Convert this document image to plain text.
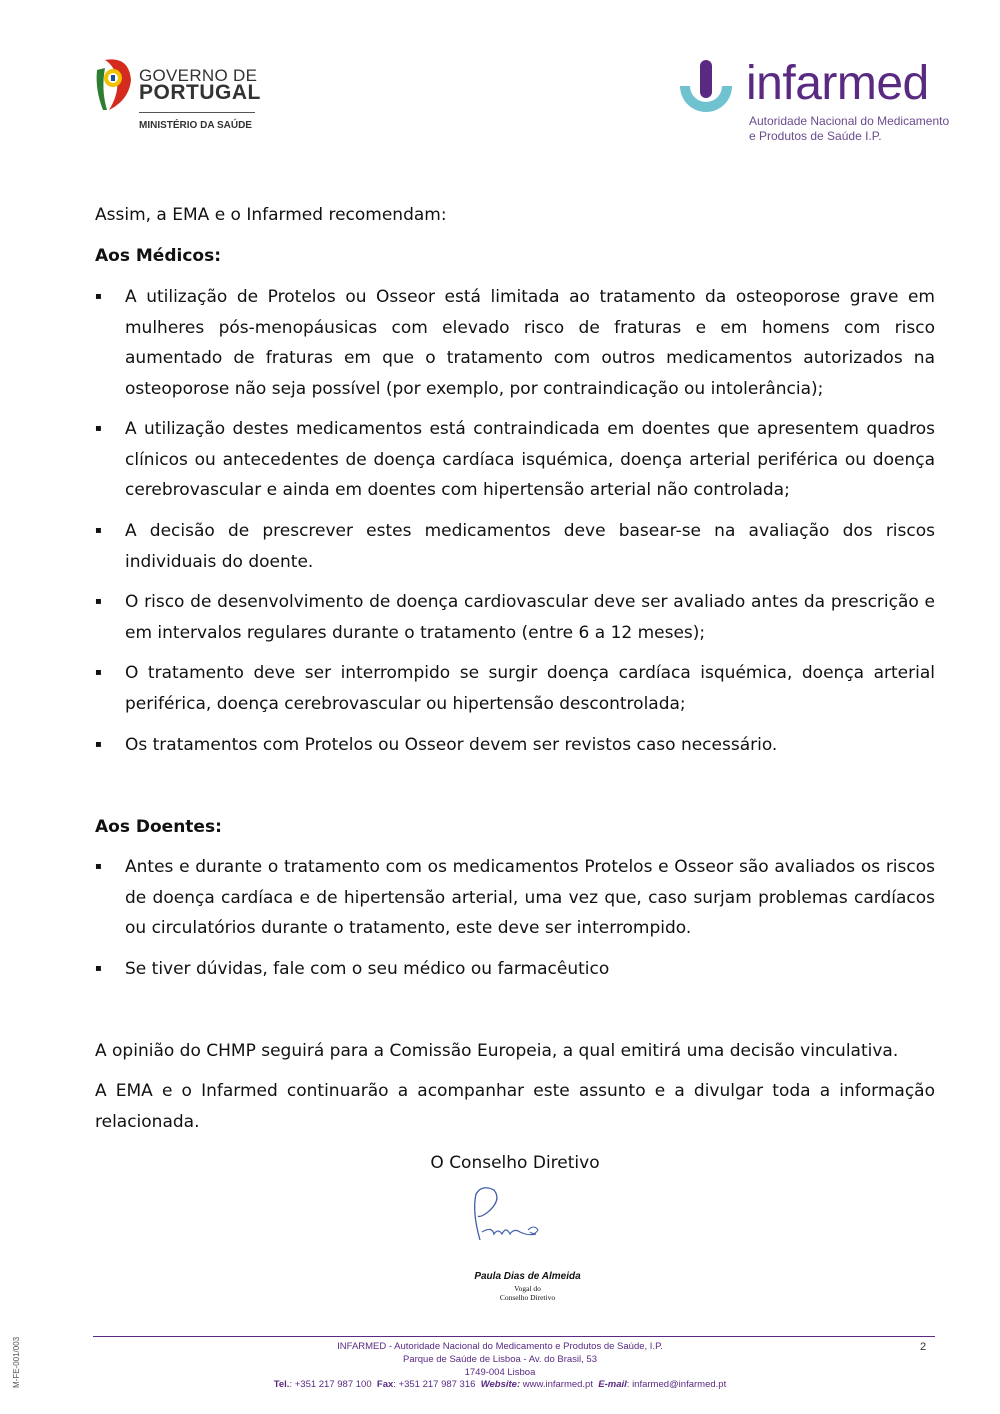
GOVERNO DE
PORTUGAL
MINISTÉRIO DA SAÚDE
infarmed
Autoridade Nacional do Medicamento
e Produtos de Saúde I.P.
Assim, a EMA e o Infarmed recomendam:
Aos Médicos:
▪	A utilização de Protelos ou Osseor está limitada ao tratamento da osteoporose grave em mulheres pós-menopáusicas com elevado risco de fraturas e em homens com risco aumentado de fraturas em que o tratamento com outros medicamentos autorizados na osteoporose não seja possível (por exemplo, por contraindicação ou intolerância);
▪	A utilização destes medicamentos está contraindicada em doentes que apresentem quadros clínicos ou antecedentes de doença cardíaca isquémica, doença arterial periférica ou doença cerebrovascular e ainda em doentes com hipertensão arterial não controlada;
▪	A decisão de prescrever estes medicamentos deve basear-se na avaliação dos riscos individuais do doente.
▪	O risco de desenvolvimento de doença cardiovascular deve ser avaliado antes da prescrição e em intervalos regulares durante o tratamento (entre 6 a 12 meses);
▪	O tratamento deve ser interrompido se surgir doença cardíaca isquémica, doença arterial periférica, doença cerebrovascular ou hipertensão descontrolada;
▪	Os tratamentos com Protelos ou Osseor devem ser revistos caso necessário.
Aos Doentes:
▪	Antes e durante o tratamento com os medicamentos Protelos e Osseor são avaliados os riscos de doença cardíaca e de hipertensão arterial, uma vez que, caso surjam problemas cardíacos ou circulatórios durante o tratamento, este deve ser interrompido.
▪	Se tiver dúvidas, fale com o seu médico ou farmacêutico
A opinião do CHMP seguirá para a Comissão Europeia, a qual emitirá uma decisão vinculativa.
A EMA e o Infarmed continuarão a acompanhar este assunto e a divulgar toda a informação relacionada.
O Conselho Diretivo
Paula Dias de Almeida
Vogal do
Conselho Diretivo
INFARMED - Autoridade Nacional do Medicamento e Produtos de Saúde, I.P.
Parque de Saúde de Lisboa - Av. do Brasil, 53
1749-004 Lisboa
Tel.: +351 217 987 100 Fax: +351 217 987 316 Website: www.infarmed.pt E-mail: infarmed@infarmed.pt
2
M-FE-001/003
